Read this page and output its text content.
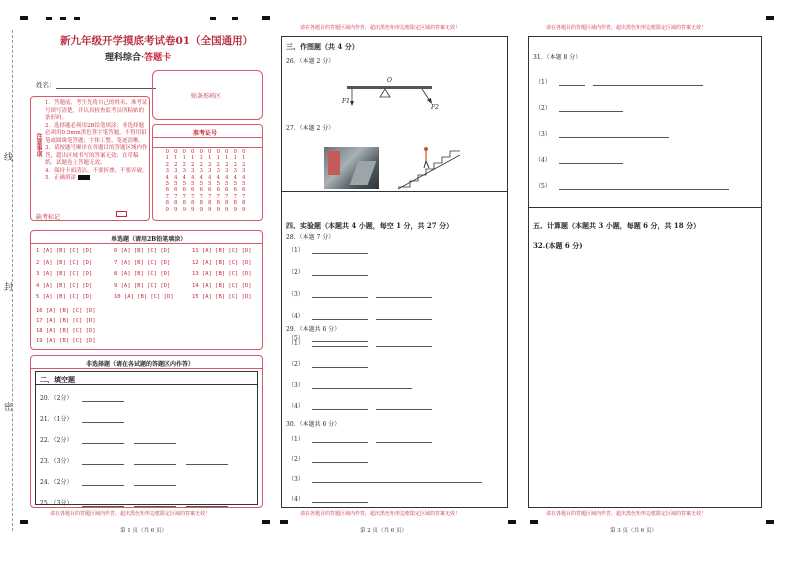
线
封
密
新九年级开学摸底考试卷01（全国通用）
理科综合·答题卡
姓名：
贴条形码区
注意事项
1．答题前，考生先将自己的姓名、准考证号填写清楚，并认真检查监考员所粘贴的条形码。
2．选择题必须用2B铅笔填涂；非选择题必须用0.5mm黑色签字笔答题，不得用铅笔或圆珠笔答题；字体工整、笔迹清晰。
3．请按题号顺序在各题目的答题区域内作答，超出区域书写的答案无效；在草稿纸、试题卷上答题无效。
4．保持卡面清洁，不要折叠、不要弄破。
5．正确填涂
准考证号
0 0 0 0 0 0 0 0 0 0
1 1 1 1 1 1 1 1 1 1
2 2 2 2 2 2 2 2 2 2
3 3 3 3 3 3 3 3 3 3
4 4 4 4 4 4 4 4 4 4
5 5 5 5 5 5 5 5 5 5
6 6 6 6 6 6 6 6 6 6
7 7 7 7 7 7 7 7 7 7
8 8 8 8 8 8 8 8 8 8
9 9 9 9 9 9 9 9 9 9
缺考标记
单选题（请用2B铅笔填涂）
1 [A] [B] [C] [D]	6 [A] [B] [C] [D]	11 [A] [B] [C] [D]
2 [A] [B] [C] [D]	7 [A] [B] [C] [D]	12 [A] [B] [C] [D]
3 [A] [B] [C] [D]	8 [A] [B] [C] [D]	13 [A] [B] [C] [D]
4 [A] [B] [C] [D]	9 [A] [B] [C] [D]	14 [A] [B] [C] [D]
5 [A] [B] [C] [D]	10 [A] [B] [C] [D]	15 [A] [B] [C] [D]
16 [A] [B] [C] [D]
17 [A] [B] [C] [D]
18 [A] [B] [C] [D]
19 [A] [B] [C] [D]
非选择题（请在各试题的答题区内作答）
二、填空题
20．（2分）
21．（1分）
22．（2分）
23．（3分）
24．（2分）
25．（3分）
请在各题目的答题区域内作答，超出黑色矩形边框限定区域的答案无效！
第 1 页（共 6 页）
请在各题目的答题区域内作答，超出黑色矩形边框限定区域的答案无效！
三、作图题（共 4 分）
26．（本题 2 分）
O
F1
F2
27．（本题 2 分）
四、实验题（本题共 4 小题，每空 1 分，共 27 分）
28．（本题 7 分）
（1）
（2）
（3）
（4）
（5）
29．（本题共 6 分）
（1）
（2）
（3）
（4）
30．（本题共 6 分）
（1）
（2）
（3）
（4）
请在各题目的答题区域内作答，超出黑色矩形边框限定区域的答案无效！
第 2 页（共 6 页）
请在各题目的答题区域内作答，超出黑色矩形边框限定区域的答案无效！
31．（本题 8 分）
（1）
（2）
（3）
（4）
（5）
五、计算题（本题共 3 小题，每题 6 分，共 18 分）
32.(本题 6 分)
请在各题目的答题区域内作答，超出黑色矩形边框限定区域的答案无效！
第 3 页（共 6 页）
